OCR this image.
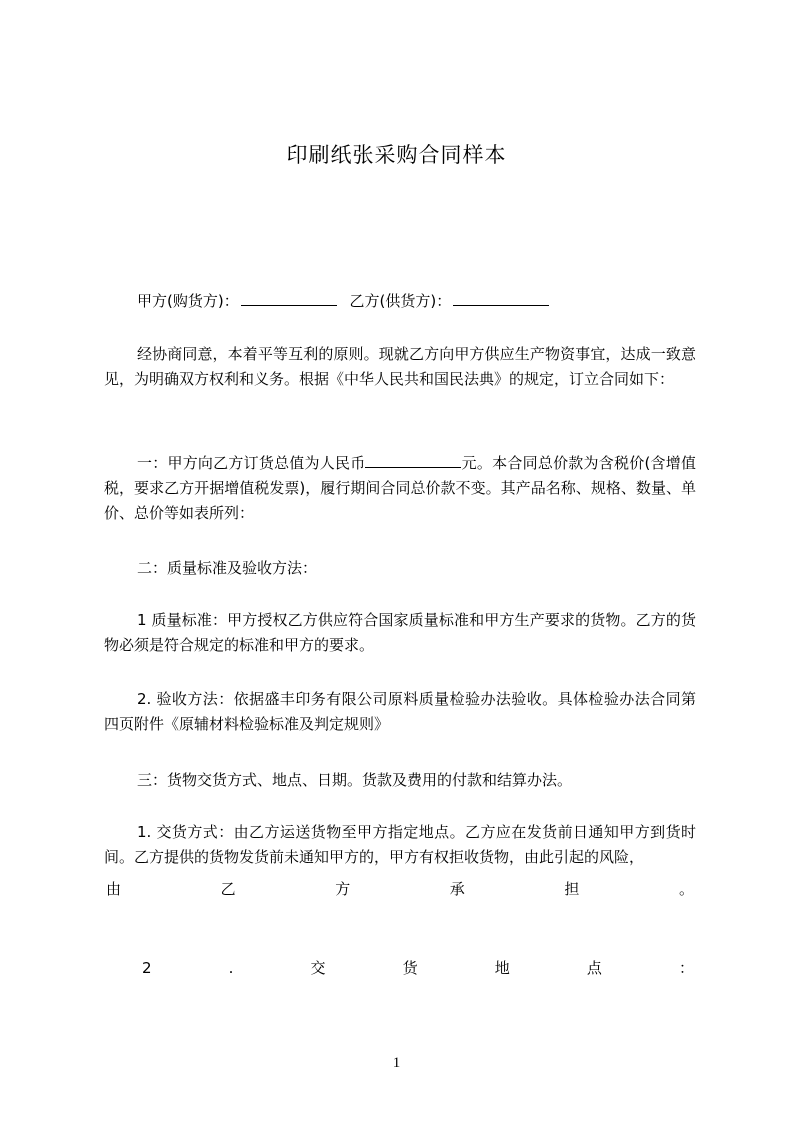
印刷纸张采购合同样本
甲方(购货方)：	乙方(供货方)：
经协商同意，本着平等互利的原则。现就乙方向甲方供应生产物资事宜，达成一致意见，为明确双方权利和义务。根据《中华人民共和国民法典》的规定，订立合同如下：
一：甲方向乙方订货总值为人民币	元。本合同总价款为含税价(含增值税，要求乙方开据增值税发票)，履行期间合同总价款不变。其产品名称、规格、数量、单价、总价等如表所列：
二：质量标准及验收方法：
1 质量标准：甲方授权乙方供应符合国家质量标准和甲方生产要求的货物。乙方的货物必须是符合规定的标准和甲方的要求。
2. 验收方法：依据盛丰印务有限公司原料质量检验办法验收。具体检验办法合同第四页附件《原辅材料检验标准及判定规则》
三：货物交货方式、地点、日期。货款及费用的付款和结算办法。
1. 交货方式：由乙方运送货物至甲方指定地点。乙方应在发货前日通知甲方到货时间。乙方提供的货物发货前未通知甲方的，甲方有权拒收货物，由此引起的风险，
由	乙	方	承	担	。
2	.	交	货	地	点	：
1
